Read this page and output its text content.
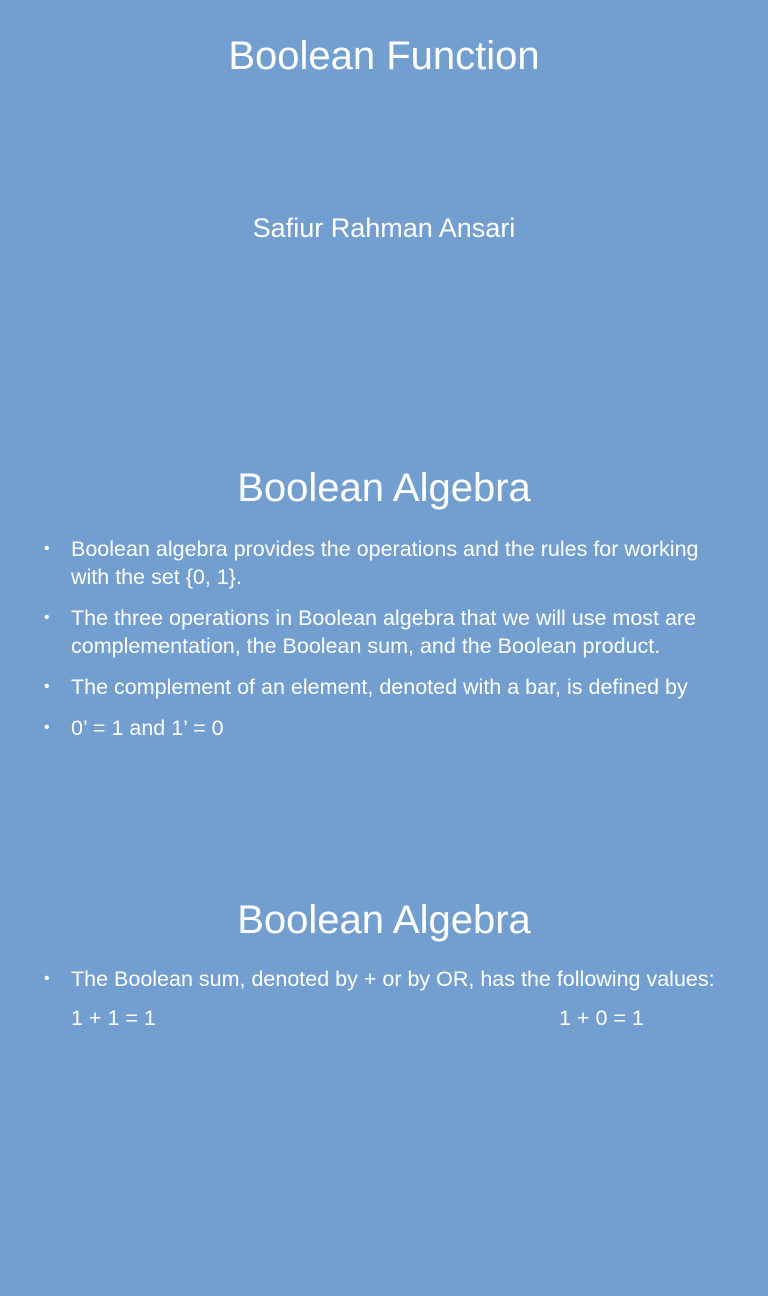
Boolean Function
Safiur Rahman Ansari
Boolean Algebra
• Boolean algebra provides the operations and the rules for working with the set {0, 1}.
• The three operations in Boolean algebra that we will use most are complementation, the Boolean sum, and the Boolean product.
• The complement of an element, denoted with a bar, is defined by
• 0’ = 1 and 1’ = 0
Boolean Algebra
• The Boolean sum, denoted by + or by OR, has the following values:
1 + 1 = 1	1 + 0 = 1
